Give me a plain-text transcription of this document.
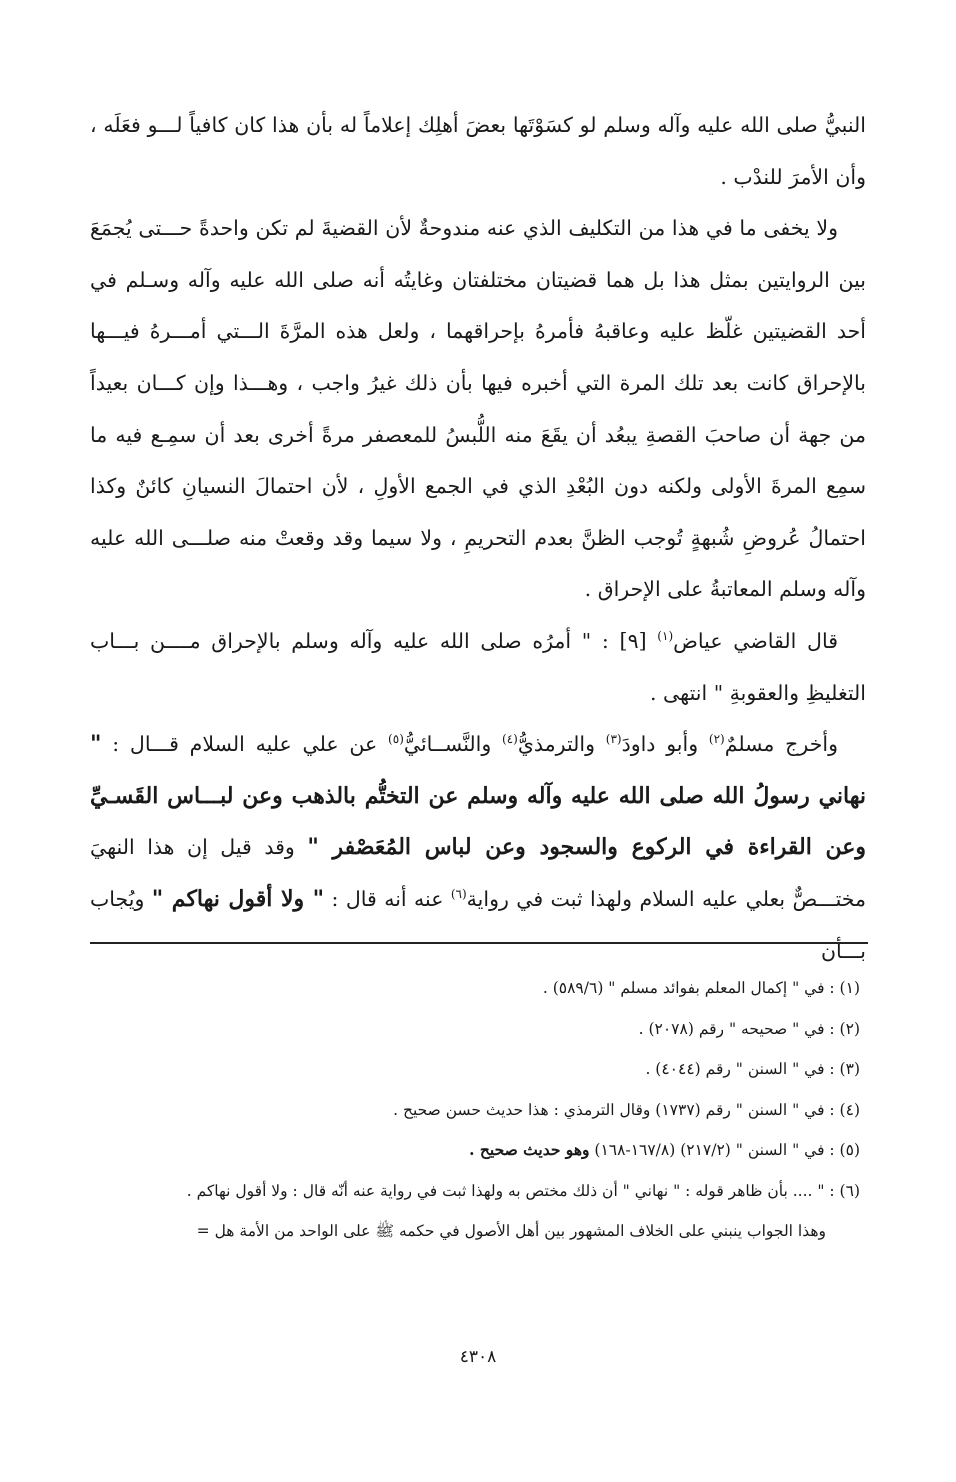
النبيُّ صلى الله عليه وآله وسلم لو كسَوْتَها بعضَ أهلِك إعلاماً له بأن هذا كان كافياً لـــو فعَلَه ، وأن الأمرَ للندْب .

ولا يخفى ما في هذا من التكليف الذي عنه مندوحةٌ لأن القضيةَ لم تكن واحدةً حـــتى يُجمَعَ بين الروايتين بمثل هذا بل هما قضيتان مختلفتان وغايتُه أنه صلى الله عليه وآله وسـلم في أحد القضيتين غلّظ عليه وعاقبهُ فأمرهُ بإحراقهما ، ولعل هذه المرَّةَ الـــتي أمـــرهُ فيـــها بالإحراق كانت بعد تلك المرة التي أخبره فيها بأن ذلك غيرُ واجب ، وهـــذا وإن كـــان بعيداً من جهة أن صاحبَ القصةِ يبعُد أن يقَعَ منه اللُّبسُ للمعصفر مرةً أخرى بعد أن سمِـع فيه ما سمِع المرةَ الأولى ولكنه دون البُعْدِ الذي في الجمع الأولِ ، لأن احتمالَ النسيانِ كائنٌ وكذا احتمالُ عُروضِ شُبهةٍ تُوجب الظنَّ بعدم التحريمِ ، ولا سيما وقد وقعتْ منه صلـــى الله عليه وآله وسلم المعاتبةُ على الإحراق .

قال القاضي عياض$^{(١)}$ [٩] : " أمرُه صلى الله عليه وآله وسلم بالإحراق مــــن بـــاب التغليظِ والعقوبةِ " انتهى .

وأخرج مسلمٌ$^{(٢)}$ وأبو داودَ$^{(٣)}$ والترمذيُّ$^{(٤)}$ والنَّســائيُّ$^{(٥)}$ عن علي عليه السلام قـــال : " نهاني رسولُ الله صلى الله عليه وآله وسلم عن التختُّم بالذهب وعن لبـــاس القَسـيِّ وعن القراءة في الركوع والسجود وعن لباس المُعَصْفر " وقد قيل إن هذا النهيَ مختـــصٌّ بعلي عليه السلام ولهذا ثبت في رواية$^{(٦)}$ عنه أنه قال : " ولا أقول نهاكم " ويُجاب بـــأن

(١) : في " إكمال المعلم بفوائد مسلم " (٥٨٩/٦) .

(٢) : في " صحيحه " رقم (٢٠٧٨) .

(٣) : في " السنن " رقم (٤٠٤٤) .

(٤) : في " السنن " رقم (١٧٣٧) وقال الترمذي : هذا حديث حسن صحيح .

(٥) : في " السنن " (٢١٧/٢) (١٦٧/٨-١٦٨) وهو حديث صحيح .

(٦) : " .... بأن ظاهر قوله : " نهاني " أن ذلك مختص به ولهذا ثبت في رواية عنه أنّه قال : ولا أقول نهاكم .

وهذا الجواب ينبني على الخلاف المشهور بين أهل الأصول في حكمه ﷺ على الواحد من الأمة هل =

٤٣٠٨
